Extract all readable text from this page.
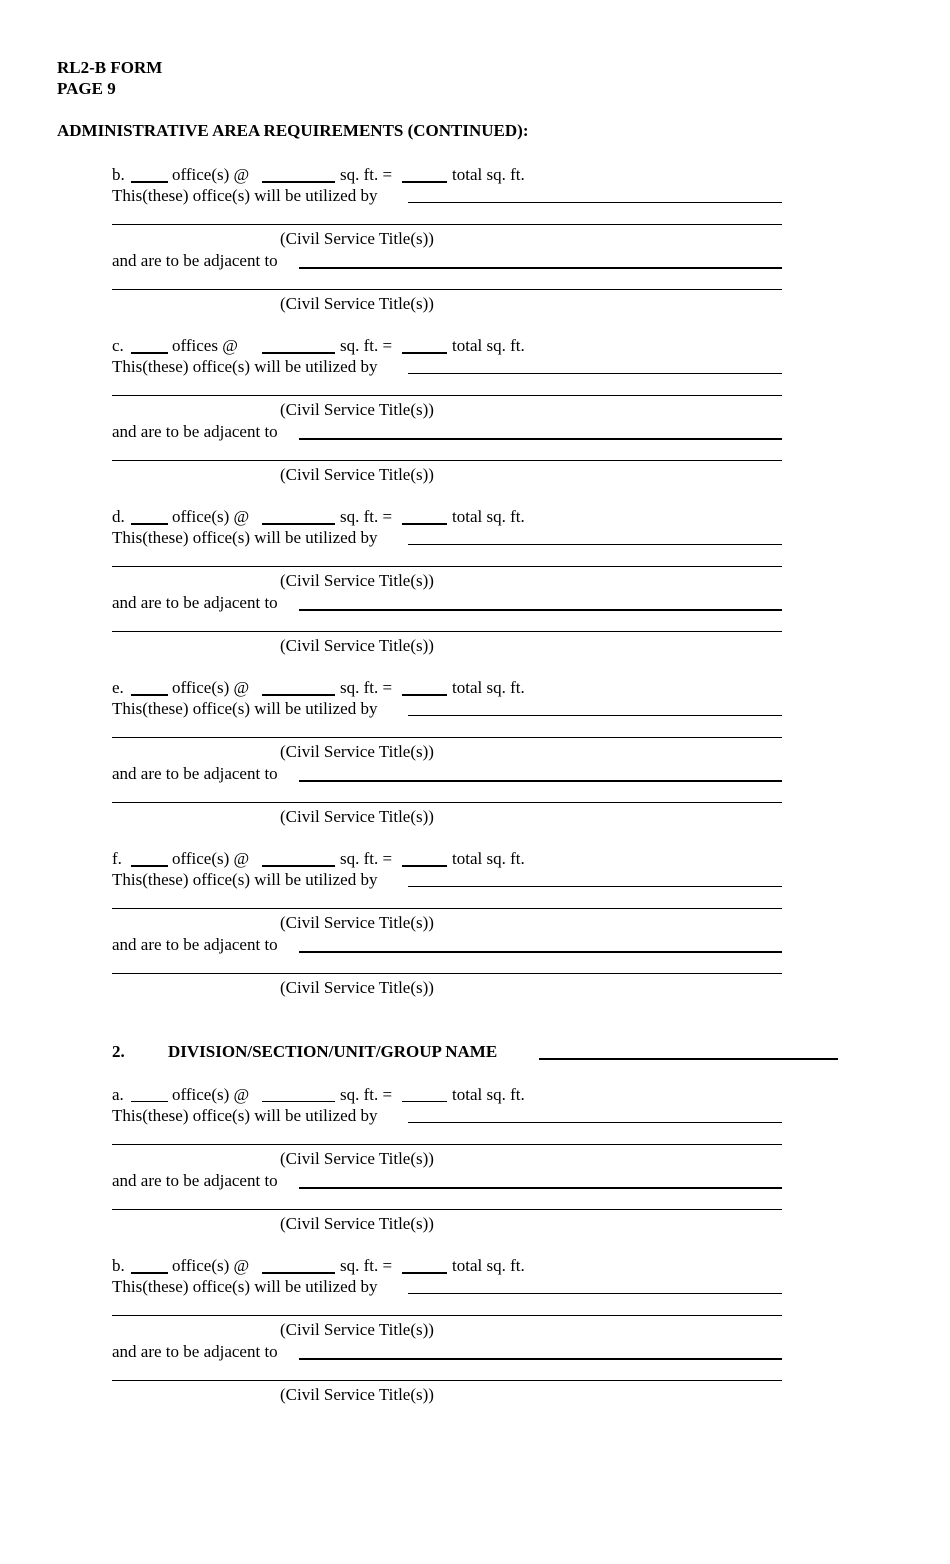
RL2-B FORM
PAGE 9
ADMINISTRATIVE AREA REQUIREMENTS (CONTINUED):
b.	office(s) @	sq. ft. =	total sq. ft.
This(these) office(s) will be utilized by
(Civil Service Title(s))
and are to be adjacent to
(Civil Service Title(s))
c.	offices @	sq. ft. =	total sq. ft.
This(these) office(s) will be utilized by
(Civil Service Title(s))
and are to be adjacent to
(Civil Service Title(s))
d.	office(s) @	sq. ft. =	total sq. ft.
This(these) office(s) will be utilized by
(Civil Service Title(s))
and are to be adjacent to
(Civil Service Title(s))
e.	office(s) @	sq. ft. =	total sq. ft.
This(these) office(s) will be utilized by
(Civil Service Title(s))
and are to be adjacent to
(Civil Service Title(s))
f.	office(s) @	sq. ft. =	total sq. ft.
This(these) office(s) will be utilized by
(Civil Service Title(s))
and are to be adjacent to
(Civil Service Title(s))
2.	DIVISION/SECTION/UNIT/GROUP NAME
a.	office(s) @	sq. ft. =	total sq. ft.
This(these) office(s) will be utilized by
(Civil Service Title(s))
and are to be adjacent to
(Civil Service Title(s))
b.	office(s) @	sq. ft. =	total sq. ft.
This(these) office(s) will be utilized by
(Civil Service Title(s))
and are to be adjacent to
(Civil Service Title(s))
